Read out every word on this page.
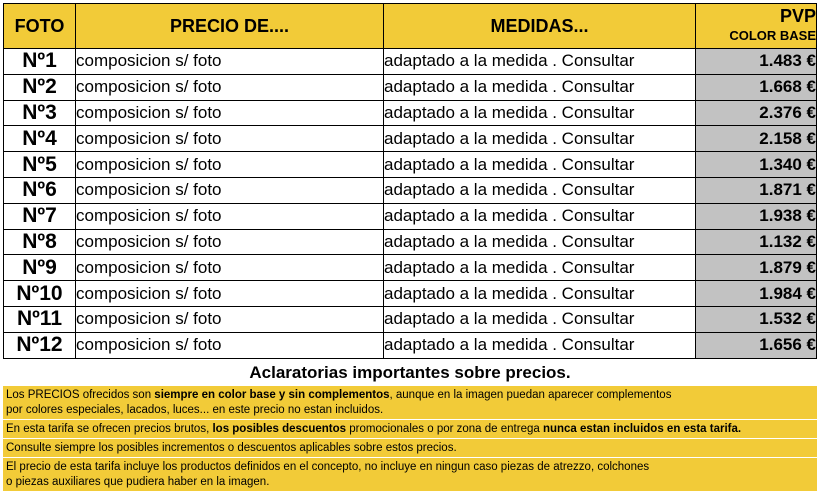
FOTO	PRECIO DE....	MEDIDAS...	PVP
COLOR BASE

Nº1	composicion s/ foto	adaptado a la medida . Consultar	1.483 €
Nº2	composicion s/ foto	adaptado a la medida . Consultar	1.668 €
Nº3	composicion s/ foto	adaptado a la medida . Consultar	2.376 €
Nº4	composicion s/ foto	adaptado a la medida . Consultar	2.158 €
Nº5	composicion s/ foto	adaptado a la medida . Consultar	1.340 €
Nº6	composicion s/ foto	adaptado a la medida . Consultar	1.871 €
Nº7	composicion s/ foto	adaptado a la medida . Consultar	1.938 €
Nº8	composicion s/ foto	adaptado a la medida . Consultar	1.132 €
Nº9	composicion s/ foto	adaptado a la medida . Consultar	1.879 €
Nº10	composicion s/ foto	adaptado a la medida . Consultar	1.984 €
Nº11	composicion s/ foto	adaptado a la medida . Consultar	1.532 €
Nº12	composicion s/ foto	adaptado a la medida . Consultar	1.656 €
Aclaratorias importantes sobre precios.
Los PRECIOS ofrecidos son siempre en color base y sin complementos, aunque en la imagen puedan aparecer complementos
por colores especiales, lacados, luces... en este precio no estan incluidos.
En esta tarifa se ofrecen precios brutos, los posibles descuentos promocionales o por zona de entrega nunca estan incluidos en esta tarifa.
Consulte siempre los posibles incrementos o descuentos aplicables sobre estos precios.
El precio de esta tarifa incluye los productos definidos en el concepto, no incluye en ningun caso piezas de atrezzo, colchones
o piezas auxiliares que pudiera haber en la imagen.
